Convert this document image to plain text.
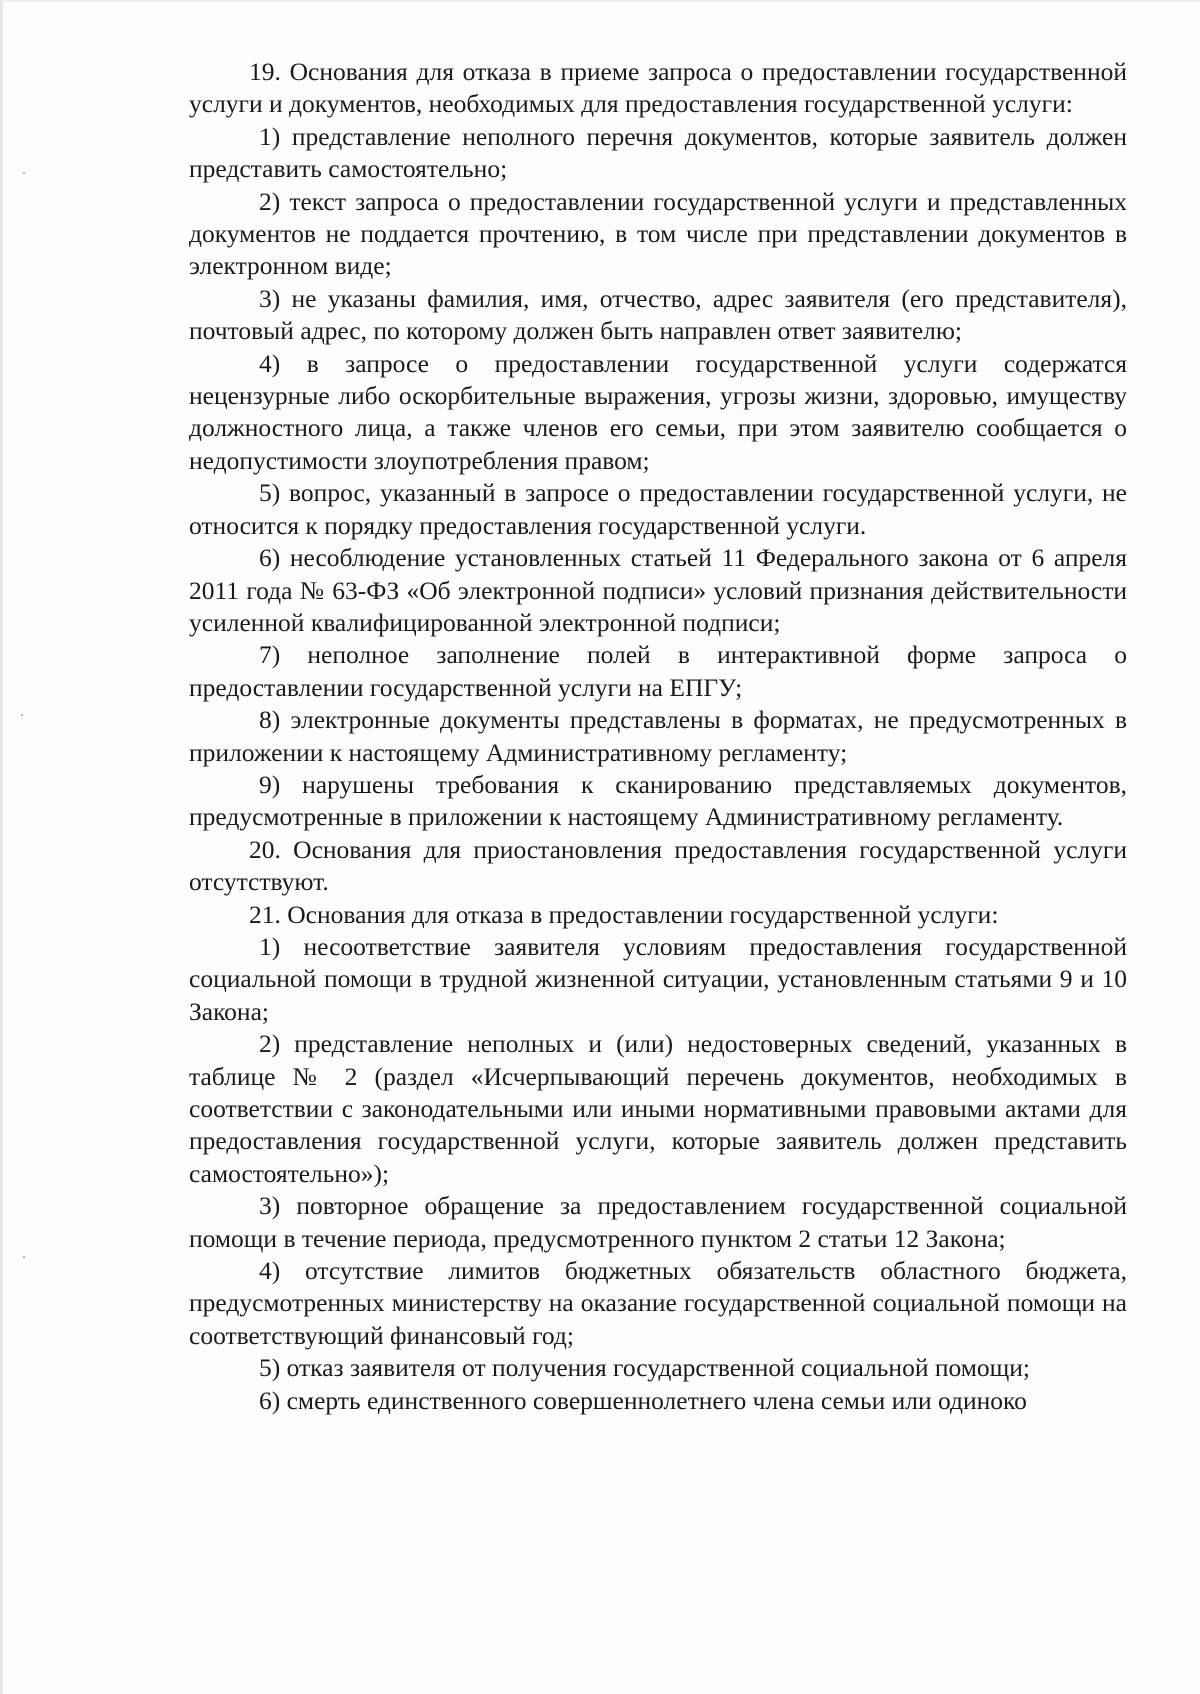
19. Основания для отказа в приеме запроса о предоставлении государственной услуги и документов, необходимых для предоставления государственной услуги:

1) представление неполного перечня документов, которые заявитель должен представить самостоятельно;

2) текст запроса о предоставлении государственной услуги и представленных документов не поддается прочтению, в том числе при представлении документов в электронном виде;

3) не указаны фамилия, имя, отчество, адрес заявителя (его представителя), почтовый адрес, по которому должен быть направлен ответ заявителю;

4) в запросе о предоставлении государственной услуги содержатся нецензурные либо оскорбительные выражения, угрозы жизни, здоровью, имуществу должностного лица, а также членов его семьи, при этом заявителю сообщается о недопустимости злоупотребления правом;

5) вопрос, указанный в запросе о предоставлении государственной услуги, не относится к порядку предоставления государственной услуги.

6) несоблюдение установленных статьей 11 Федерального закона от 6 апреля 2011 года № 63-ФЗ «Об электронной подписи» условий признания действительности усиленной квалифицированной электронной подписи;

7) неполное заполнение полей в интерактивной форме запроса о предоставлении государственной услуги на ЕПГУ;

8) электронные документы представлены в форматах, не предусмотренных в приложении к настоящему Административному регламенту;

9) нарушены требования к сканированию представляемых документов, предусмотренные в приложении к настоящему Административному регламенту.

20. Основания для приостановления предоставления государственной услуги отсутствуют.

21. Основания для отказа в предоставлении государственной услуги:

1) несоответствие заявителя условиям предоставления государственной социальной помощи в трудной жизненной ситуации, установленным статьями 9 и 10 Закона;

2) представление неполных и (или) недостоверных сведений, указанных в таблице № 2 (раздел «Исчерпывающий перечень документов, необходимых в соответствии с законодательными или иными нормативными правовыми актами для предоставления государственной услуги, которые заявитель должен представить самостоятельно»);

3) повторное обращение за предоставлением государственной социальной помощи в течение периода, предусмотренного пунктом 2 статьи 12 Закона;

4) отсутствие лимитов бюджетных обязательств областного бюджета, предусмотренных министерству на оказание государственной социальной помощи на соответствующий финансовый год;

5) отказ заявителя от получения государственной социальной помощи;

6) смерть единственного совершеннолетнего члена семьи или одиноко
